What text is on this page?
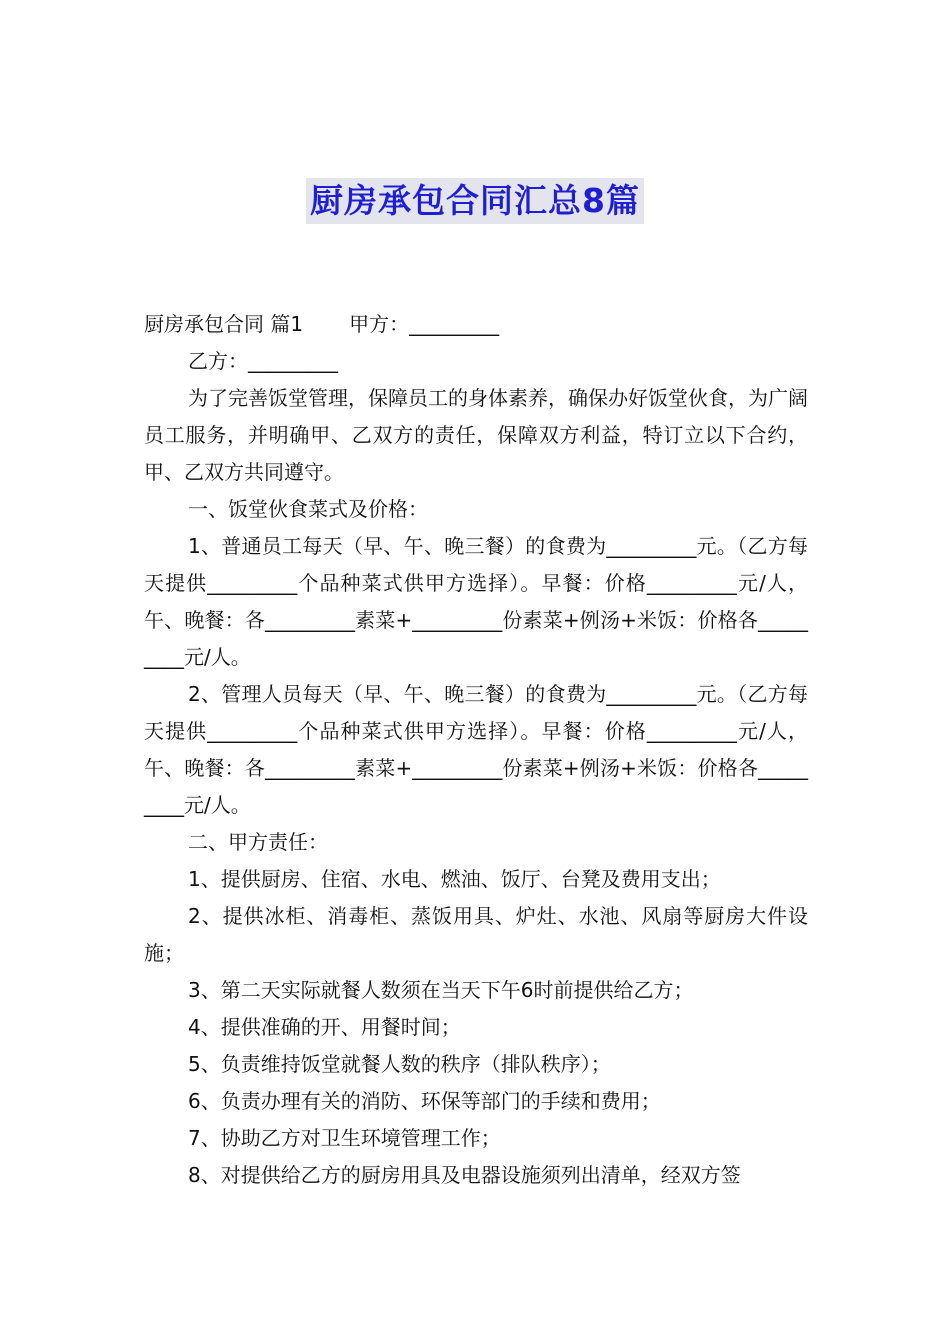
厨房承包合同汇总8篇

厨房承包合同 篇1 甲方：_________

乙方：_________

为了完善饭堂管理，保障员工的身体素养，确保办好饭堂伙食，为广阔员工服务，并明确甲、乙双方的责任，保障双方利益，特订立以下合约，甲、乙双方共同遵守。

一、饭堂伙食菜式及价格：

1、普通员工每天（早、午、晚三餐）的食费为_________元。（乙方每天提供_________个品种菜式供甲方选择）。早餐：价格_________元/人，午、晚餐：各_________素菜+_________份素菜+例汤+米饭：价格各_________元/人。

2、管理人员每天（早、午、晚三餐）的食费为_________元。（乙方每天提供_________个品种菜式供甲方选择）。早餐：价格_________元/人，午、晚餐：各_________素菜+_________份素菜+例汤+米饭：价格各_________元/人。

二、甲方责任：

1、提供厨房、住宿、水电、燃油、饭厅、台凳及费用支出；

2、提供冰柜、消毒柜、蒸饭用具、炉灶、水池、风扇等厨房大件设施；

3、第二天实际就餐人数须在当天下午6时前提供给乙方；

4、提供准确的开、用餐时间；

5、负责维持饭堂就餐人数的秩序（排队秩序）；

6、负责办理有关的消防、环保等部门的手续和费用；

7、协助乙方对卫生环境管理工作；

8、对提供给乙方的厨房用具及电器设施须列出清单，经双方签
